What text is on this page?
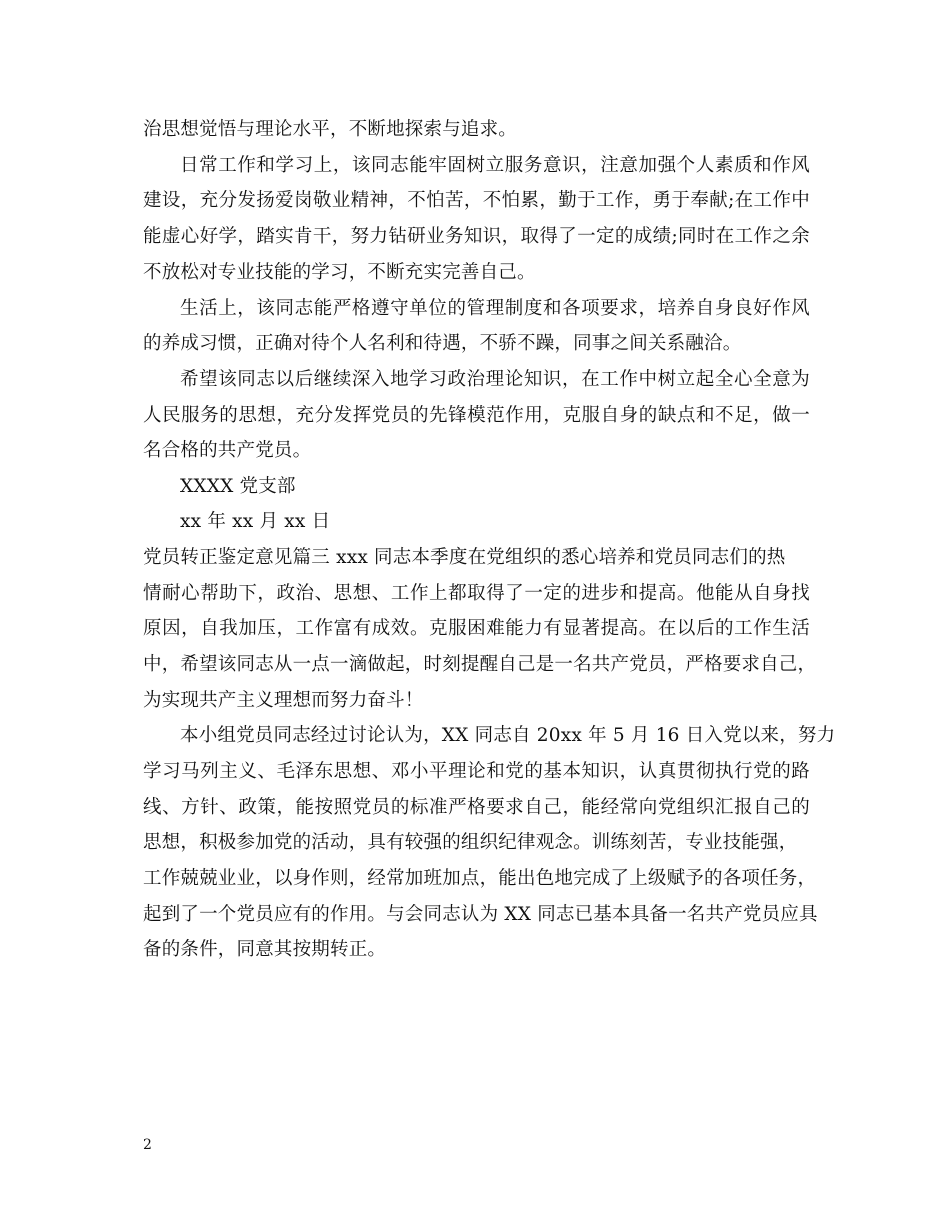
治思想觉悟与理论水平，不断地探索与追求。
日常工作和学习上，该同志能牢固树立服务意识，注意加强个人素质和作风
建设，充分发扬爱岗敬业精神，不怕苦，不怕累，勤于工作，勇于奉献;在工作中
能虚心好学，踏实肯干，努力钻研业务知识，取得了一定的成绩;同时在工作之余
不放松对专业技能的学习，不断充实完善自己。
生活上，该同志能严格遵守单位的管理制度和各项要求，培养自身良好作风
的养成习惯，正确对待个人名利和待遇，不骄不躁，同事之间关系融洽。
希望该同志以后继续深入地学习政治理论知识，在工作中树立起全心全意为
人民服务的思想，充分发挥党员的先锋模范作用，克服自身的缺点和不足，做一
名合格的共产党员。
XXXX 党支部
xx 年 xx 月 xx 日
党员转正鉴定意见篇三 xxx 同志本季度在党组织的悉心培养和党员同志们的热
情耐心帮助下，政治、思想、工作上都取得了一定的进步和提高。他能从自身找
原因，自我加压，工作富有成效。克服困难能力有显著提高。在以后的工作生活
中，希望该同志从一点一滴做起，时刻提醒自己是一名共产党员，严格要求自己，
为实现共产主义理想而努力奋斗！
本小组党员同志经过讨论认为，XX 同志自 20xx 年 5 月 16 日入党以来，努力
学习马列主义、毛泽东思想、邓小平理论和党的基本知识，认真贯彻执行党的路
线、方针、政策，能按照党员的标准严格要求自己，能经常向党组织汇报自己的
思想，积极参加党的活动，具有较强的组织纪律观念。训练刻苦，专业技能强，
工作兢兢业业，以身作则，经常加班加点，能出色地完成了上级赋予的各项任务，
起到了一个党员应有的作用。与会同志认为 XX 同志已基本具备一名共产党员应具
备的条件，同意其按期转正。
2
